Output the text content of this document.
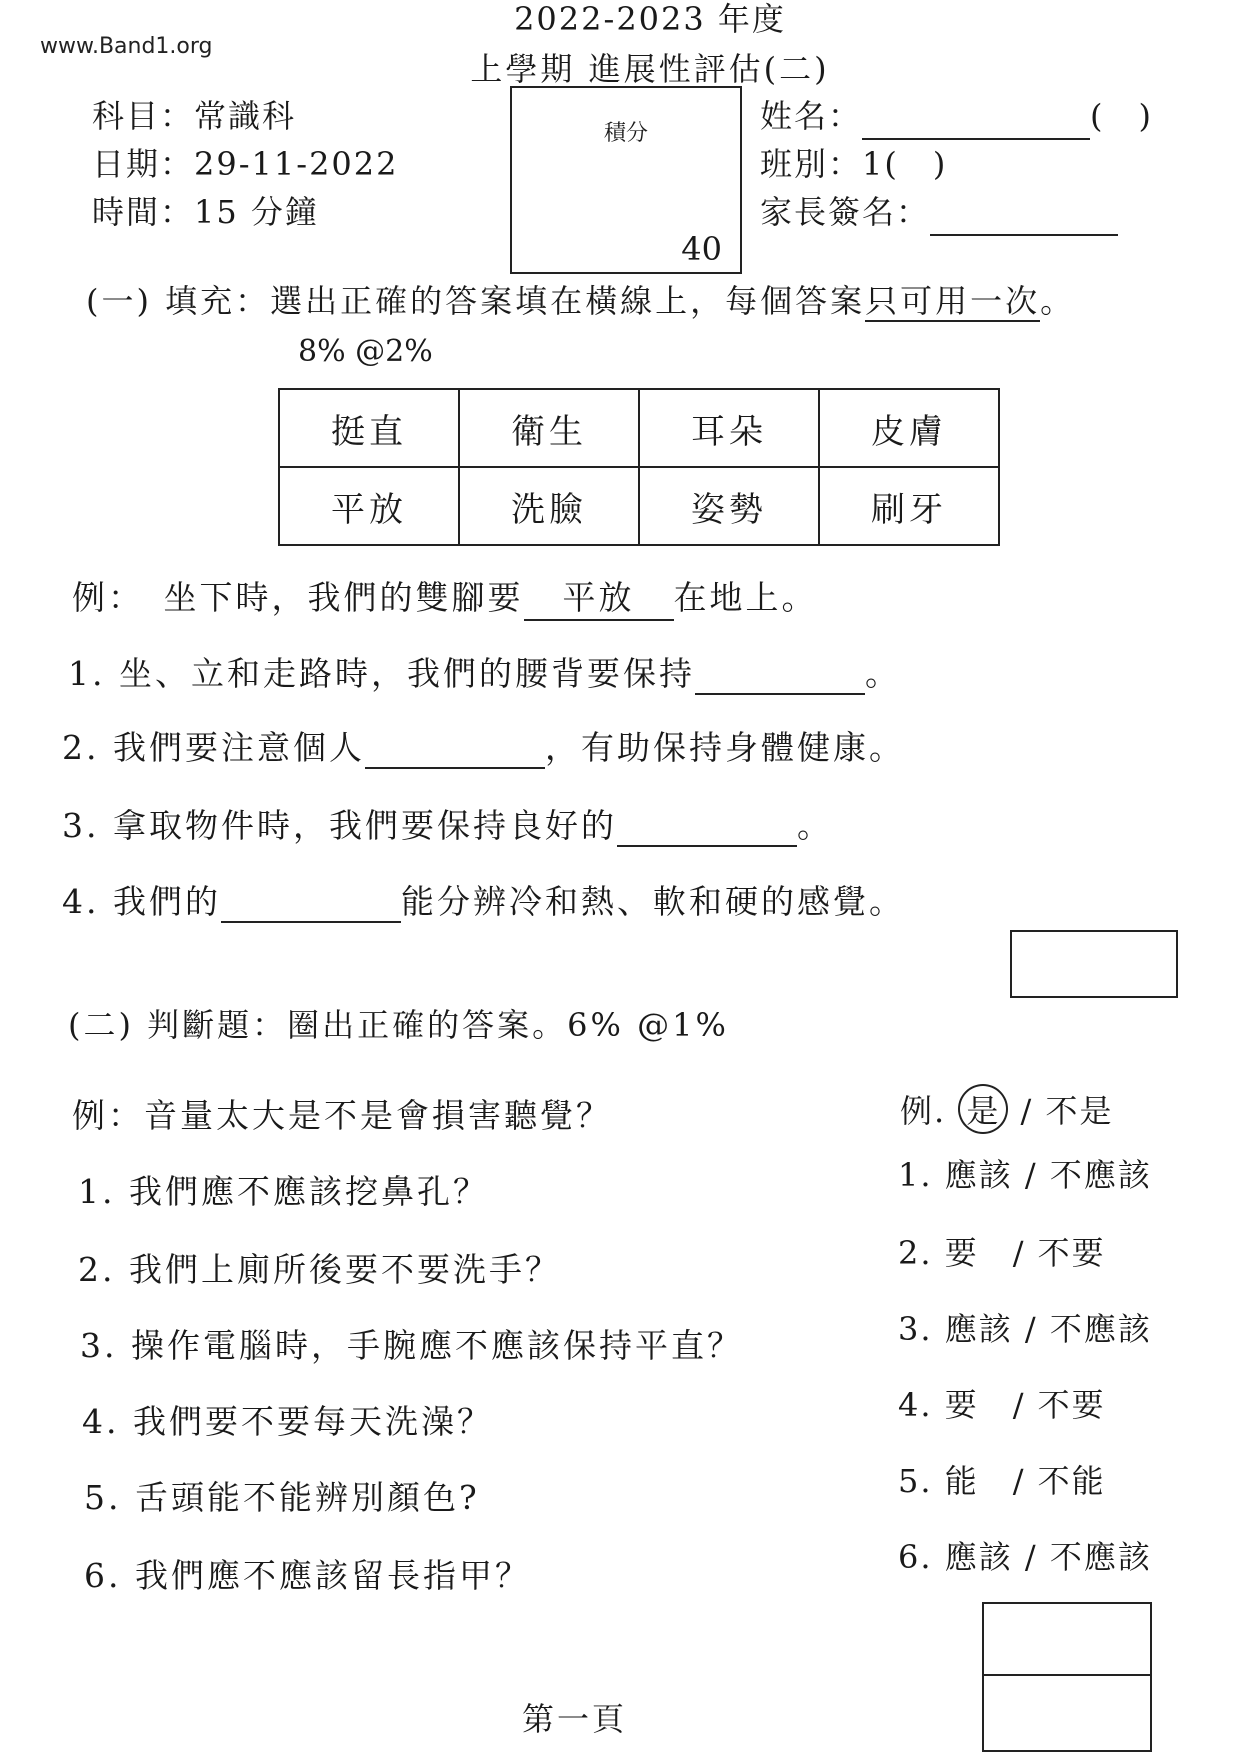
www.Band1.org
2022-2023 年度
上學期 進展性評估(二)
科目：常識科
日期：29-11-2022
時間：15 分鐘
積分
40
姓名：	(　)
班別：1(　)
家長簽名：
(一) 填充：選出正確的答案填在橫線上，每個答案只可用一次。
8% @2%
挺直	衛生	耳朵	皮膚
平放	洗臉	姿勢	刷牙
例：　坐下時，我們的雙腳要 平放 在地上。
1. 坐、立和走路時，我們的腰背要保持	。
2. 我們要注意個人	，有助保持身體健康。
3. 拿取物件時，我們要保持良好的	。
4. 我們的	能分辨冷和熱、軟和硬的感覺。
(二) 判斷題：圈出正確的答案。6% @1%
例：音量太大是不是會損害聽覺？	例. 是 / 不是
1. 我們應不應該挖鼻孔？	1. 應該 / 不應該
2. 我們上廁所後要不要洗手？	2. 要　/ 不要
3. 操作電腦時，手腕應不應該保持平直？	3. 應該 / 不應該
4. 我們要不要每天洗澡？	4. 要　/ 不要
5. 舌頭能不能辨別顏色?	5. 能　/ 不能
6. 我們應不應該留長指甲？	6. 應該 / 不應該
第一頁
